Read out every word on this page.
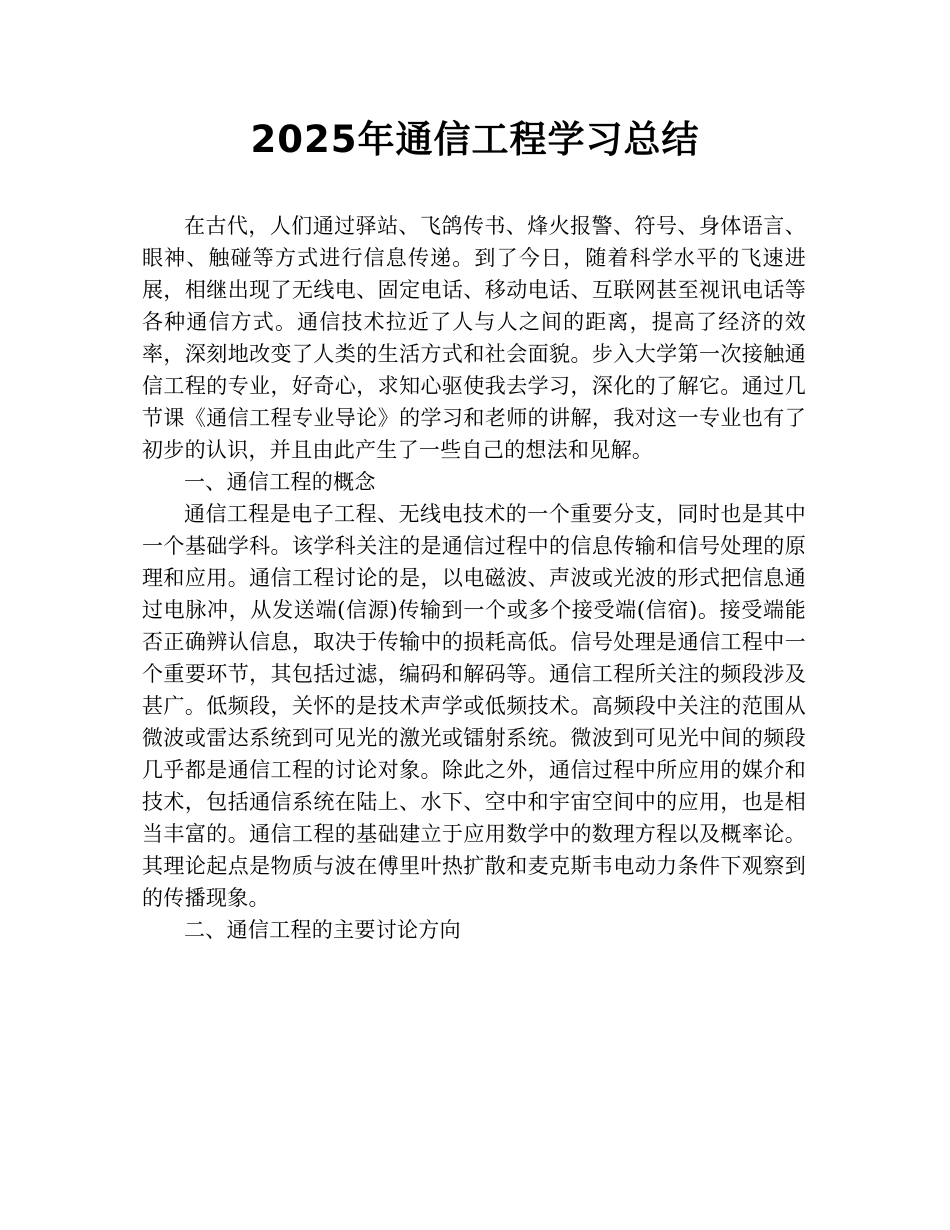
2025年通信工程学习总结

在古代，人们通过驿站、飞鸽传书、烽火报警、符号、身体语言、眼神、触碰等方式进行信息传递。到了今日，随着科学水平的飞速进展，相继出现了无线电、固定电话、移动电话、互联网甚至视讯电话等各种通信方式。通信技术拉近了人与人之间的距离，提高了经济的效率，深刻地改变了人类的生活方式和社会面貌。步入大学第一次接触通信工程的专业，好奇心，求知心驱使我去学习，深化的了解它。通过几节课《通信工程专业导论》的学习和老师的讲解，我对这一专业也有了初步的认识，并且由此产生了一些自己的想法和见解。

一、通信工程的概念

通信工程是电子工程、无线电技术的一个重要分支，同时也是其中一个基础学科。该学科关注的是通信过程中的信息传输和信号处理的原理和应用。通信工程讨论的是，以电磁波、声波或光波的形式把信息通过电脉冲，从发送端(信源)传输到一个或多个接受端(信宿)。接受端能否正确辨认信息，取决于传输中的损耗高低。信号处理是通信工程中一个重要环节，其包括过滤，编码和解码等。通信工程所关注的频段涉及甚广。低频段，关怀的是技术声学或低频技术。高频段中关注的范围从微波或雷达系统到可见光的激光或镭射系统。微波到可见光中间的频段几乎都是通信工程的讨论对象。除此之外，通信过程中所应用的媒介和技术，包括通信系统在陆上、水下、空中和宇宙空间中的应用，也是相当丰富的。通信工程的基础建立于应用数学中的数理方程以及概率论。其理论起点是物质与波在傅里叶热扩散和麦克斯韦电动力条件下观察到的传播现象。

二、通信工程的主要讨论方向
